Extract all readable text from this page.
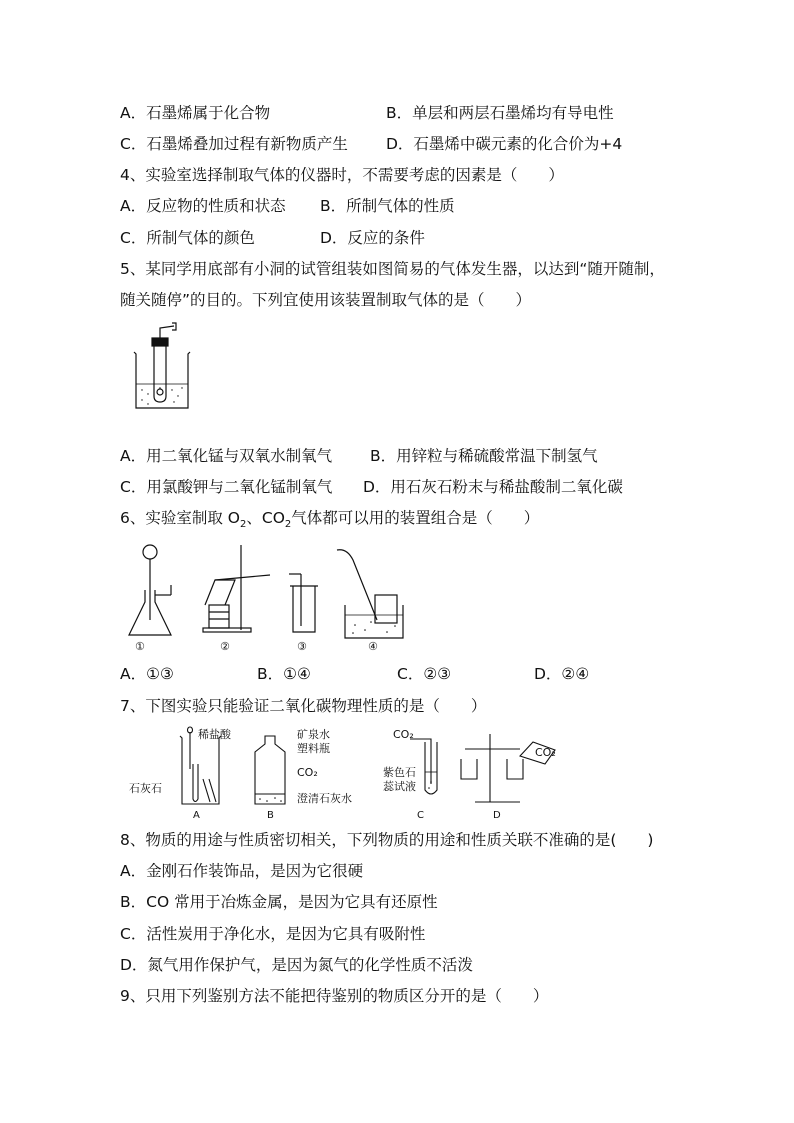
A．石墨烯属于化合物	B．单层和两层石墨烯均有导电性
C．石墨烯叠加过程有新物质产生 D．石墨烯中碳元素的化合价为+4
4、实验室选择制取气体的仪器时，不需要考虑的因素是（　　）
A．反应物的性质和状态 B．所制气体的性质
C．所制气体的颜色	D．反应的条件
5、某同学用底部有小洞的试管组装如图简易的气体发生器，以达到“随开随制，
随关随停”的目的。下列宜使用该装置制取气体的是（　　）
A．用二氧化锰与双氧水制氧气 B．用锌粒与稀硫酸常温下制氢气
C．用氯酸钾与二氧化锰制氧气 D．用石灰石粉末与稀盐酸制二氧化碳
6、实验室制取 $O_2$、$CO_2$气体都可以用的装置组合是（　　）
①	②	③	④
A．①③	B．①④	C．②③	D．②④
7、下图实验只能验证二氧化碳物理性质的是（　　）
稀盐酸
石灰石
A
矿泉水
塑料瓶
CO₂
澄清石灰水
B
CO₂
紫色石
蕊试液
C
CO₂
D
8、物质的用途与性质密切相关，下列物质的用途和性质关联不准确的是(　　)
A．金刚石作装饰品，是因为它很硬
B．CO 常用于冶炼金属，是因为它具有还原性
C．活性炭用于净化水，是因为它具有吸附性
D．氮气用作保护气，是因为氮气的化学性质不活泼
9、只用下列鉴别方法不能把待鉴别的物质区分开的是（　　）
